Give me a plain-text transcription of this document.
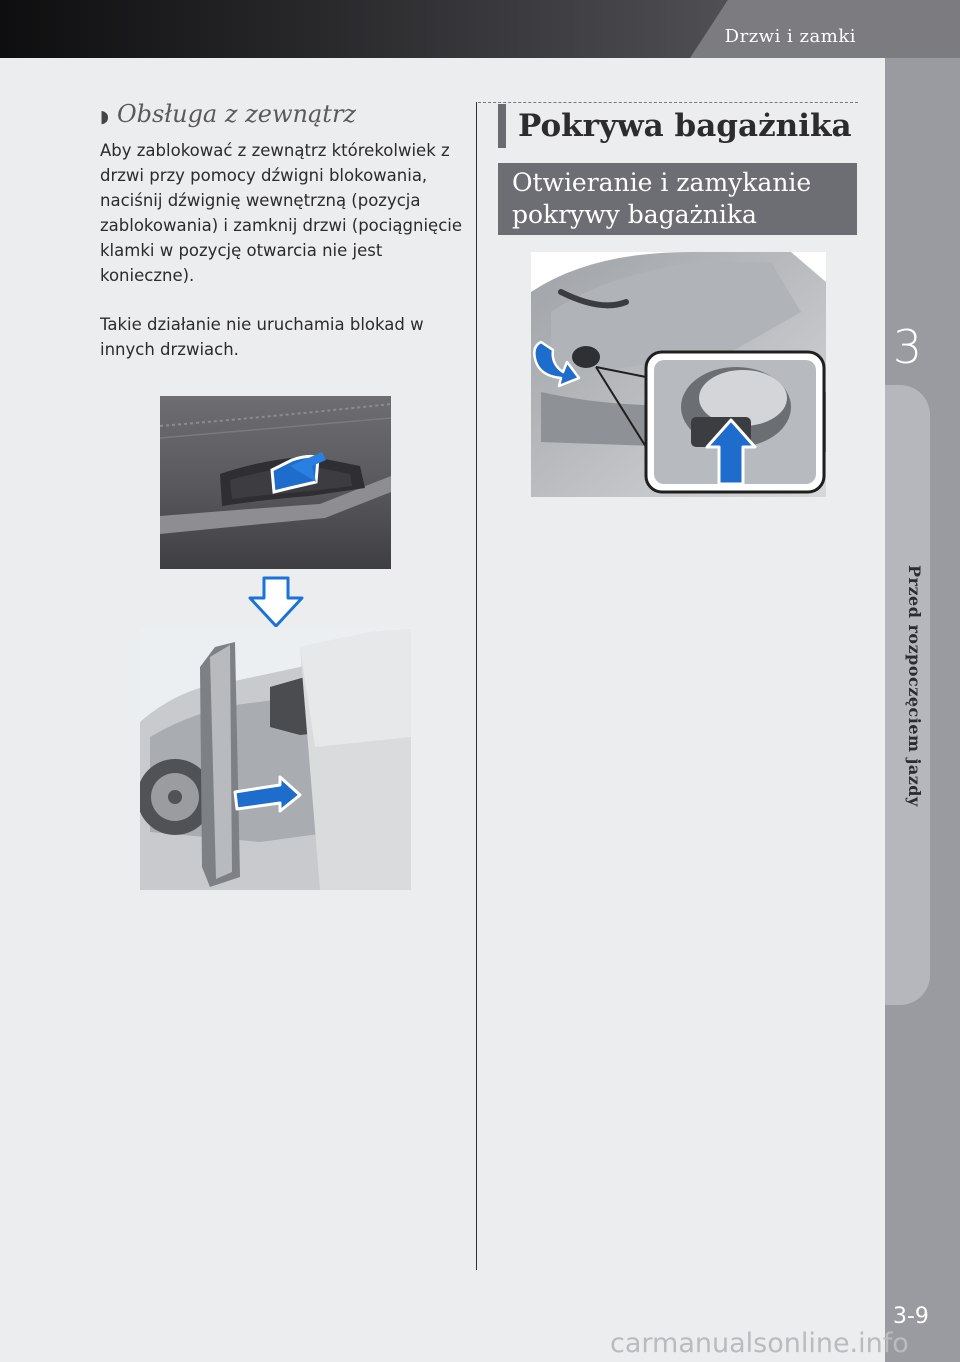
Drzwi i zamki
3
Przed rozpoczęciem jazdy
3-9
carmanualsonline.info
◗ Obsługa z zewnątrz

Aby zablokować z zewnątrz którekolwiek z drzwi przy pomocy dźwigni blokowania, naciśnij dźwignię wewnętrzną (pozycja zablokowania) i zamknij drzwi (pociągnięcie klamki w pozycję otwarcia nie jest konieczne).

Takie działanie nie uruchamia blokad w innych drzwiach.

Pokrywa bagażnika
Otwieranie i zamykanie pokrywy bagażnika
